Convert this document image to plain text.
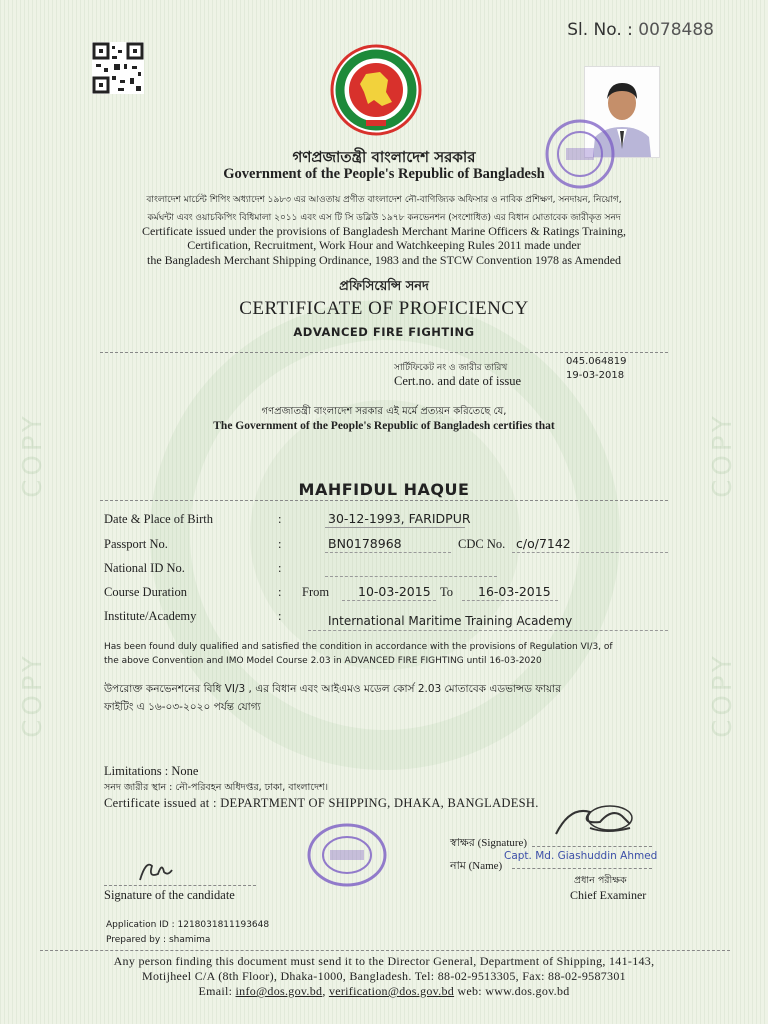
COPY
COPY
COPY
COPY
Sl. No. : 0078488
গণপ্রজাতন্ত্রী বাংলাদেশ সরকার
Government of the People's Republic of Bangladesh
বাংলাদেশ মার্চেন্ট শিপিং অধ্যাদেশ ১৯৮৩ এর আওতায় প্রণীত বাংলাদেশ নৌ-বাণিজ্যিক অফিসার ও নাবিক প্রশিক্ষণ, সনদায়ন, নিয়োগ,
কর্মঘন্টা এবং ওয়াচকিপিং বিধিমালা ২০১১ এবং এস টি সি ডব্লিউ ১৯৭৮ কনভেনশন (সংশোধিত) এর বিধান মোতাবেক জারীকৃত সনদ
Certificate issued under the provisions of Bangladesh Merchant Marine Officers & Ratings Training,
Certification, Recruitment, Work Hour and Watchkeeping Rules 2011 made under
the Bangladesh Merchant Shipping Ordinance, 1983 and the STCW Convention 1978 as Amended
প্রফিসিয়েন্সি সনদ
CERTIFICATE OF PROFICIENCY
ADVANCED FIRE FIGHTING
সার্টিফিকেট নং ও জারীর তারিখ
Cert.no. and date of issue
045.064819
19-03-2018
গণপ্রজাতন্ত্রী বাংলাদেশ সরকার এই মর্মে প্রত্যয়ন করিতেছে যে,
The Government of the People's Republic of Bangladesh certifies that
MAHFIDUL HAQUE
Date & Place of Birth	:	30-12-1993, FARIDPUR
Passport No.	:	BN0178968	CDC No. c/o/7142
National ID No.	:
Course Duration	: From 10-03-2015 To 16-03-2015
Institute/Academy	:	International Maritime Training Academy
Has been found duly qualified and satisfied the condition in accordance with the provisions of Regulation VI/3, of
the above Convention and IMO Model Course 2.03 in ADVANCED FIRE FIGHTING until 16-03-2020
উপরোক্ত কনভেনশনের বিধি VI/3 , এর বিধান এবং আইএমও মডেল কোর্স 2.03 মোতাবেক এডভান্সড ফায়ার
ফাইটিং এ ১৬-০৩-২০২০ পর্যন্ত যোগ্য
Limitations : None
সনদ জারীর স্থান : নৌ-পরিবহন অধিদপ্তর, ঢাকা, বাংলাদেশ।
Certificate issued at : DEPARTMENT OF SHIPPING, DHAKA, BANGLADESH.
স্বাক্ষর (Signature)
নাম (Name)
Capt. Md. Giashuddin Ahmed
প্রধান পরীক্ষক
Chief Examiner
Signature of the candidate
Application ID : 1218031811193648
Prepared by : shamima
Any person finding this document must send it to the Director General, Department of Shipping, 141-143,
Motijheel C/A (8th Floor), Dhaka-1000, Bangladesh. Tel: 88-02-9513305, Fax: 88-02-9587301
Email: info@dos.gov.bd, verification@dos.gov.bd web: www.dos.gov.bd
